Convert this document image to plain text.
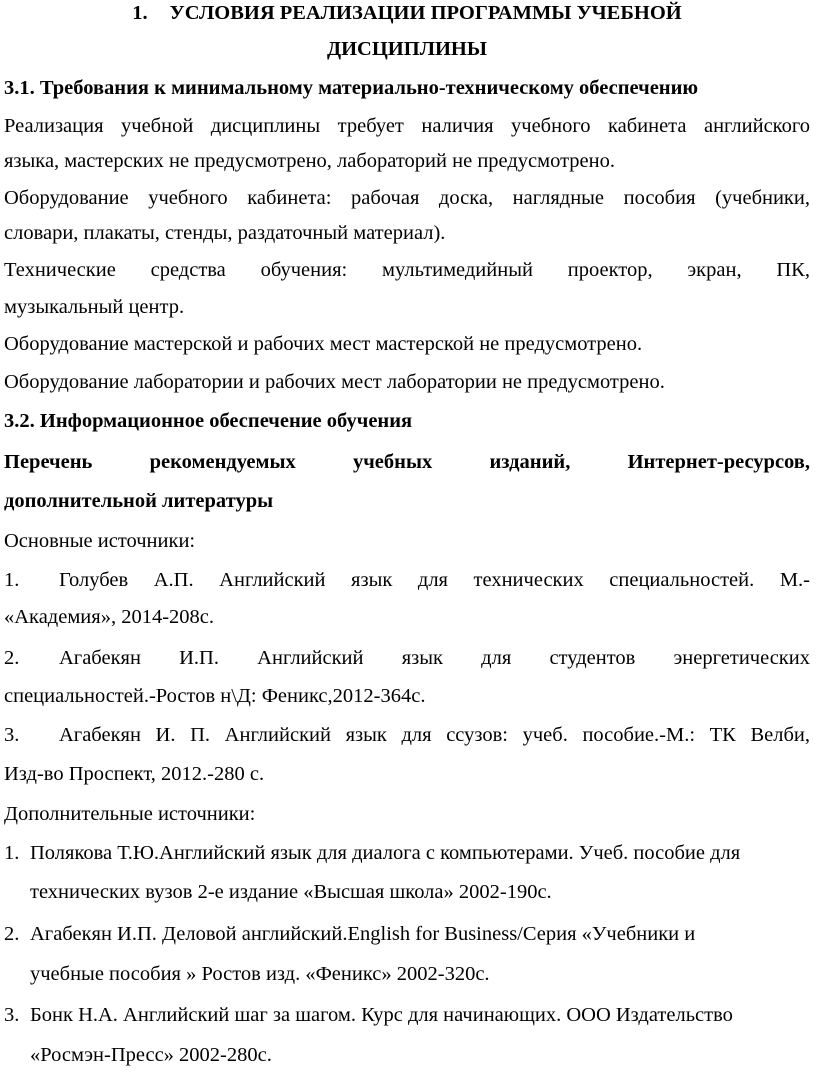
1. УСЛОВИЯ РЕАЛИЗАЦИИ ПРОГРАММЫ УЧЕБНОЙ
ДИСЦИПЛИНЫ
3.1. Требования к минимальному материально-техническому обеспечению
Реализация учебной дисциплины требует наличия учебного кабинета английского
языка, мастерских не предусмотрено, лабораторий не предусмотрено.
Оборудование учебного кабинета: рабочая доска, наглядные пособия (учебники,
словари, плакаты, стенды, раздаточный материал).
Технические средства обучения: мультимедийный проектор, экран, ПК,
музыкальный центр.
Оборудование мастерской и рабочих мест мастерской не предусмотрено.
Оборудование лаборатории и рабочих мест лаборатории не предусмотрено.
3.2. Информационное обеспечение обучения
Перечень рекомендуемых учебных изданий, Интернет-ресурсов,
дополнительной литературы
Основные источники:
1. Голубев А.П. Английский язык для технических специальностей. М.-
«Академия», 2014-208с.
2. Агабекян И.П. Английский язык для студентов энергетических
специальностей.-Ростов н\Д: Феникс,2012-364с.
3. Агабекян И. П. Английский язык для ссузов: учеб. пособие.-М.: ТК Велби,
Изд-во Проспект, 2012.-280 с.
Дополнительные источники:
1. Полякова Т.Ю.Английский язык для диалога с компьютерами. Учеб. пособие для
технических вузов 2-е издание «Высшая школа» 2002-190с.
2. Агабекян И.П. Деловой английский.English for Business/Серия «Учебники и
учебные пособия » Ростов изд. «Феникс» 2002-320с.
3. Бонк Н.А. Английский шаг за шагом. Курс для начинающих. ООО Издательство
«Росмэн-Пресс» 2002-280с.
